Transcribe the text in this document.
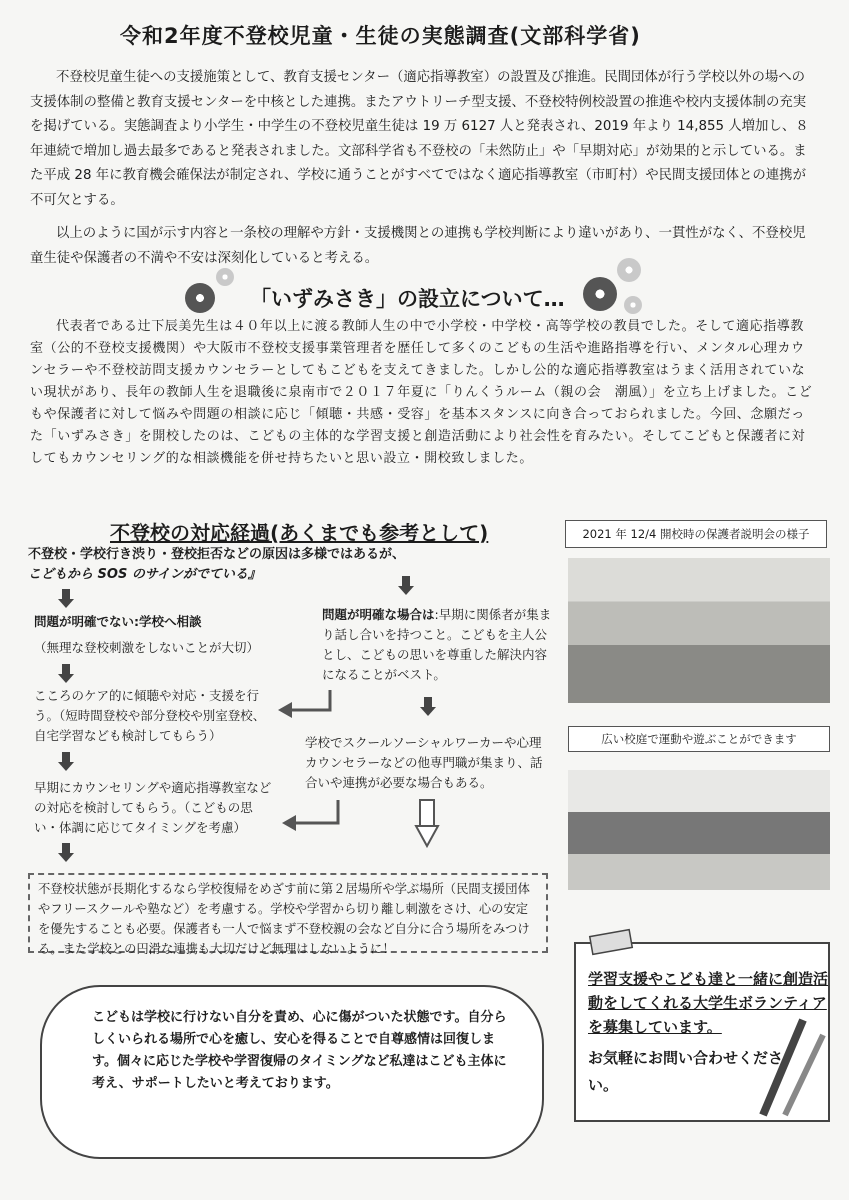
令和2年度不登校児童・生徒の実態調査(文部科学省)
不登校児童生徒への支援施策として、教育支援センター（適応指導教室）の設置及び推進。民間団体が行う学校以外の場への支援体制の整備と教育支援センターを中核とした連携。またアウトリーチ型支援、不登校特例校設置の推進や校内支援体制の充実を掲げている。実態調査より小学生・中学生の不登校児童生徒は 19 万 6127 人と発表され、2019 年より 14,855 人増加し、８年連続で増加し過去最多であると発表されました。文部科学省も不登校の「未然防止」や「早期対応」が効果的と示している。また平成 28 年に教育機会確保法が制定され、学校に通うことがすべてではなく適応指導教室（市町村）や民間支援団体との連携が不可欠とする。
以上のように国が示す内容と一条校の理解や方針・支援機関との連携も学校判断により違いがあり、一貫性がなく、不登校児童生徒や保護者の不満や不安は深刻化していると考える。
「いずみさき」の設立について…
代表者である辻下辰美先生は４０年以上に渡る教師人生の中で小学校・中学校・高等学校の教員でした。そして適応指導教室（公的不登校支援機関）や大阪市不登校支援事業管理者を歴任して多くのこどもの生活や進路指導を行い、メンタル心理カウンセラーや不登校訪問支援カウンセラーとしてもこどもを支えてきました。しかし公的な適応指導教室はうまく活用されていない現状があり、長年の教師人生を退職後に泉南市で２０１７年夏に「りんくうルーム（親の会　潮風）」を立ち上げました。こどもや保護者に対して悩みや問題の相談に応じ「傾聴・共感・受容」を基本スタンスに向き合っておられました。今回、念願だった「いずみさき」を開校したのは、こどもの主体的な学習支援と創造活動により社会性を育みたい。そしてこどもと保護者に対してもカウンセリング的な相談機能を併せ持ちたいと思い設立・開校致しました。
不登校の対応経過(あくまでも参考として)
不登校・学校行き渋り・登校拒否などの原因は多様ではあるが、
こどもから SOS のサインがでている』
問題が明確でない:学校へ相談
（無理な登校刺激をしないことが大切）
こころのケア的に傾聴や対応・支援を行う。（短時間登校や部分登校や別室登校、自宅学習なども検討してもらう）
早期にカウンセリングや適応指導教室などの対応を検討してもらう。（こどもの思い・体調に応じてタイミングを考慮）
問題が明確な場合は:早期に関係者が集まり話し合いを持つこと。こどもを主人公とし、こどもの思いを尊重した解決内容になることがベスト。
学校でスクールソーシャルワーカーや心理カウンセラーなどの他専門職が集まり、話合いや連携が必要な場合もある。
不登校状態が長期化するなら学校復帰をめざす前に第２居場所や学ぶ場所（民間支援団体やフリースクールや塾など）を考慮する。学校や学習から切り離し刺激をさけ、心の安定を優先することも必要。保護者も一人で悩まず不登校親の会など自分に合う場所をみつける。また学校との円滑な連携も大切だけど無理はしないように！
こどもは学校に行けない自分を責め、心に傷がついた状態です。自分らしくいられる場所で心を癒し、安心を得ることで自尊感情は回復します。個々に応じた学校や学習復帰のタイミングなど私達はこども主体に考え、サポートしたいと考えております。
2021 年 12/4 開校時の保護者説明会の様子
広い校庭で運動や遊ぶことができます
学習支援やこども達と一緒に創造活動をしてくれる大学生ボランティアを募集しています。
お気軽にお問い合わせください。
